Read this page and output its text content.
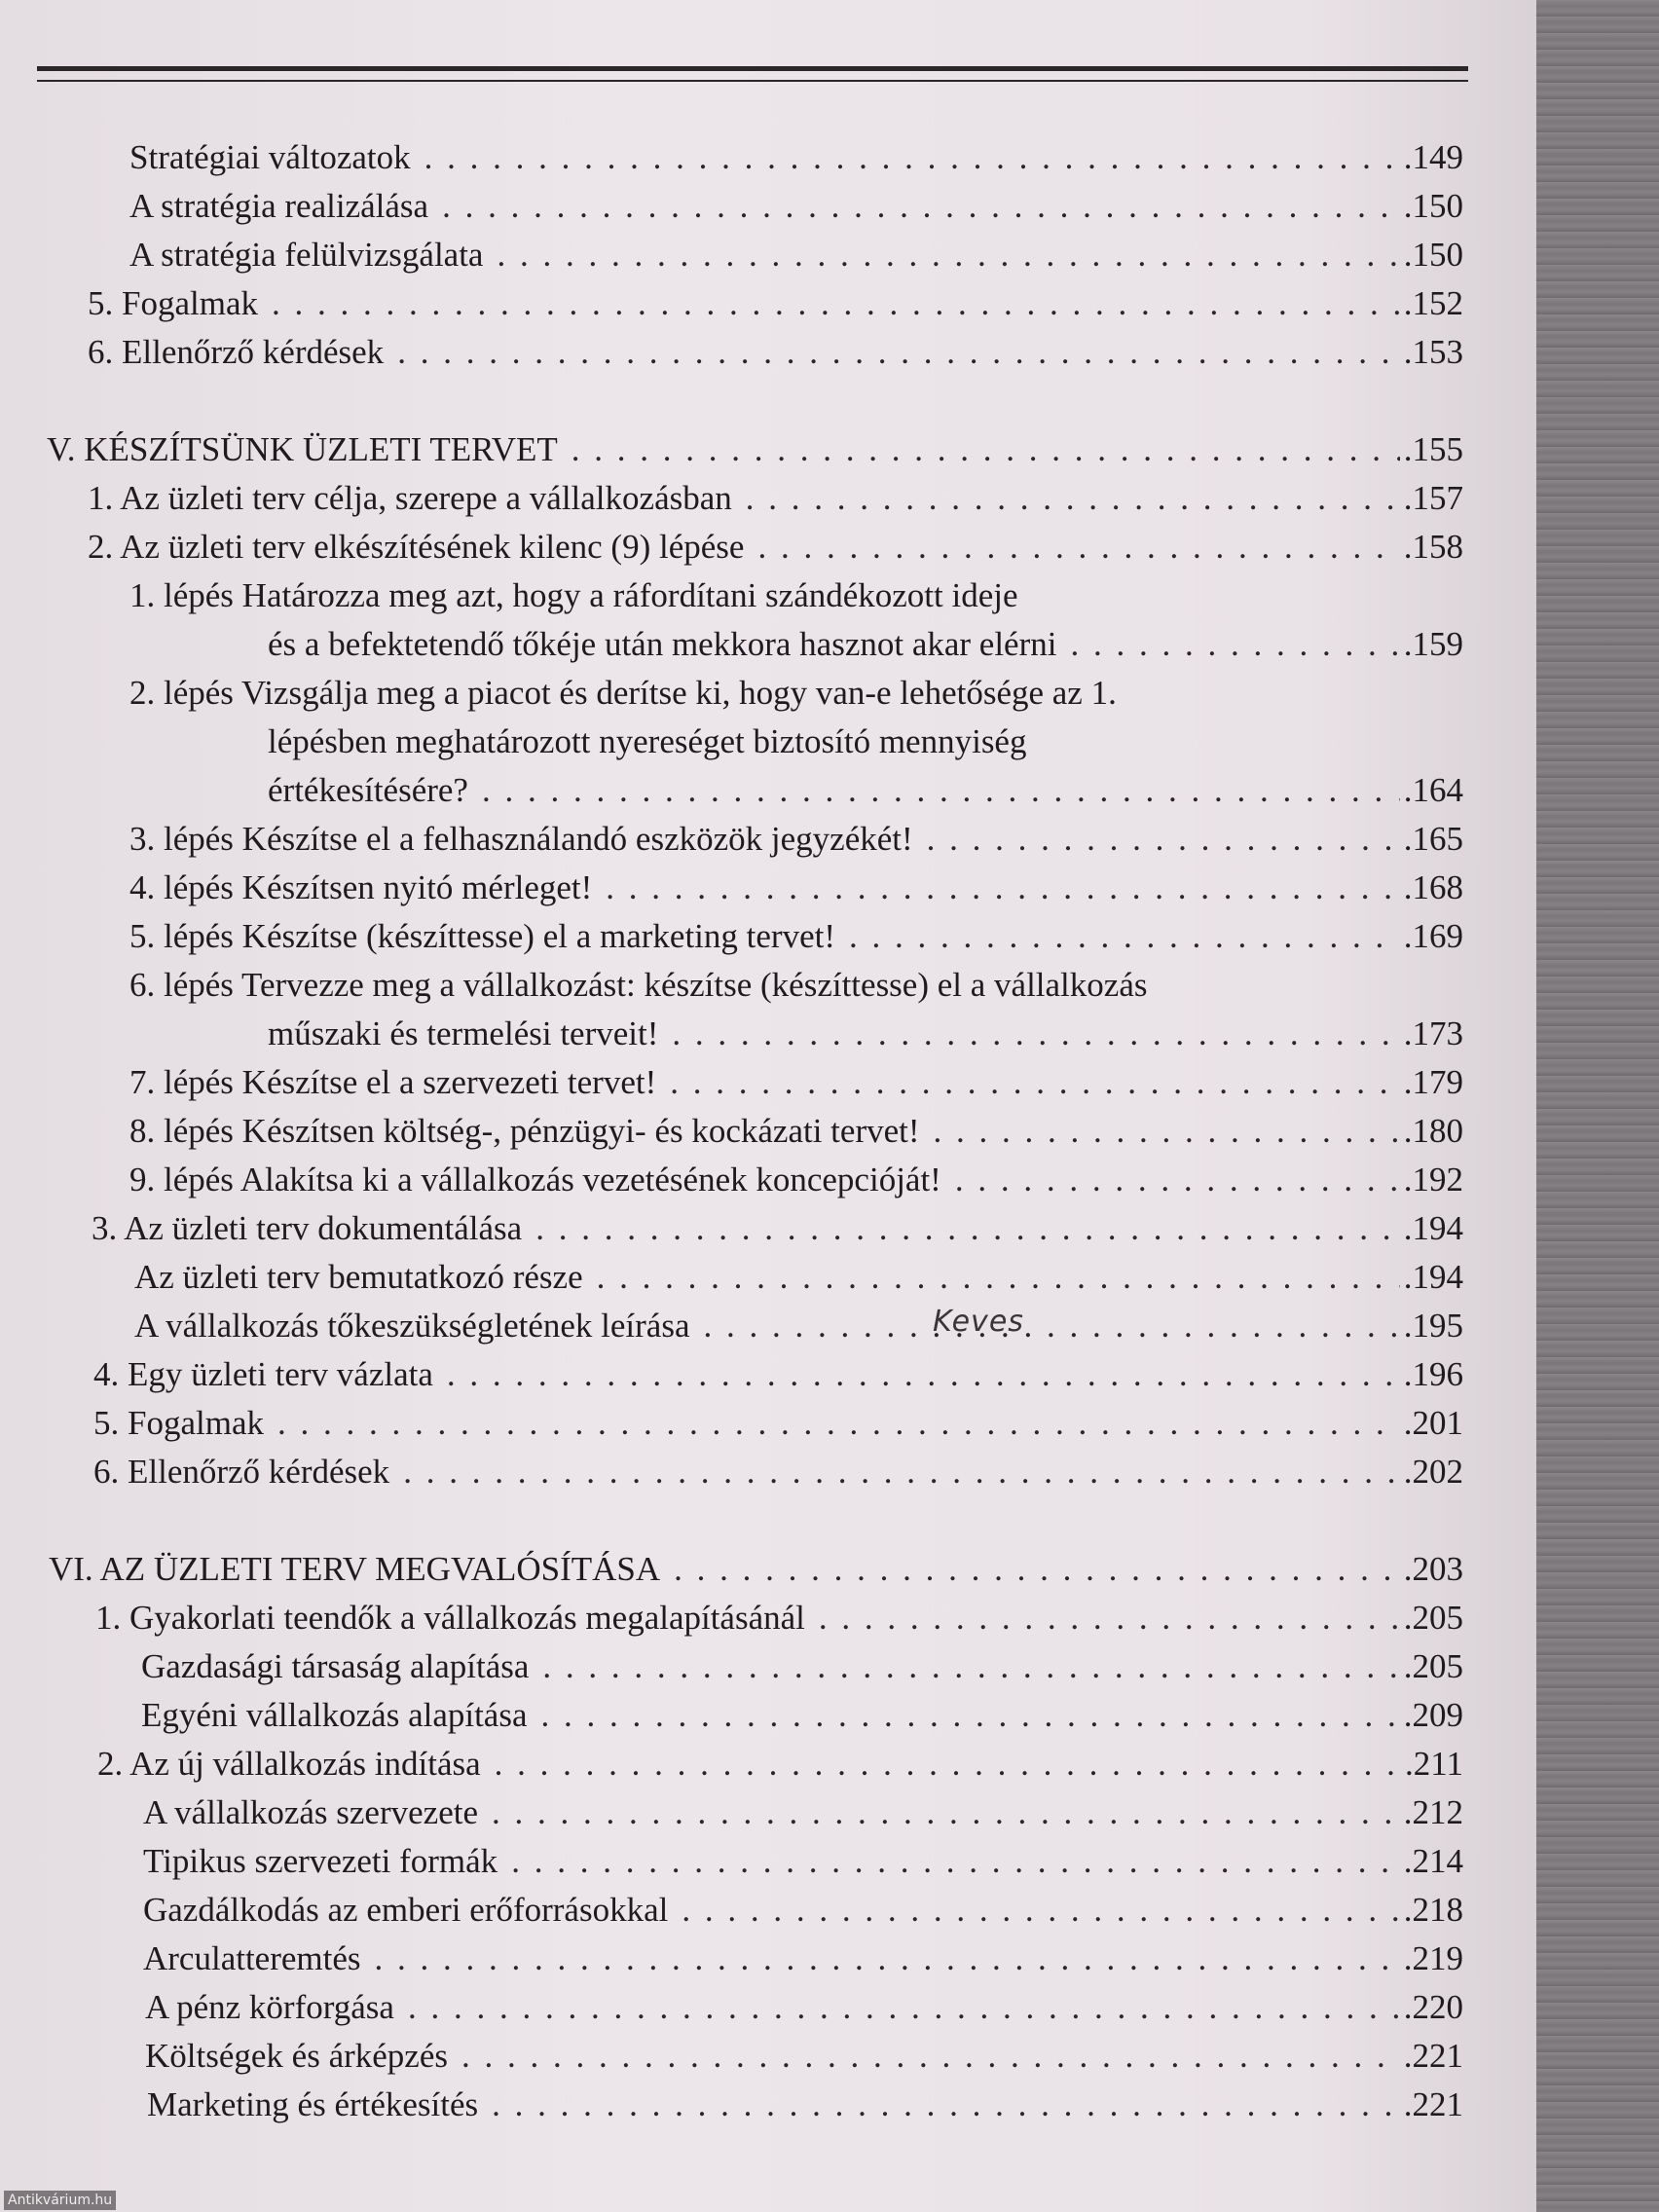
Stratégiai változatok . . .	.149
A stratégia realizálása . . .	.150
A stratégia felülvizsgálata . . .	.150
5. Fogalmak . . .	.152
6. Ellenőrző kérdések . . .	.153
V. KÉSZÍTSÜNK ÜZLETI TERVET . . .	.155
1. Az üzleti terv célja, szerepe a vállalkozásban . . .	.157
2. Az üzleti terv elkészítésének kilenc (9) lépése . . .	.158
1. lépés Határozza meg azt, hogy a ráfordítani szándékozott ideje
és a befektetendő tőkéje után mekkora hasznot akar elérni . . .	.159
2. lépés Vizsgálja meg a piacot és derítse ki, hogy van-e lehetősége az 1.
lépésben meghatározott nyereséget biztosító mennyiség
értékesítésére? . . .	.164
3. lépés Készítse el a felhasználandó eszközök jegyzékét! . . .	.165
4. lépés Készítsen nyitó mérleget! . . .	.168
5. lépés Készítse (készíttesse) el a marketing tervet! . . .	.169
6. lépés Tervezze meg a vállalkozást: készítse (készíttesse) el a vállalkozás
műszaki és termelési terveit! . . .	.173
7. lépés Készítse el a szervezeti tervet! . . .	.179
8. lépés Készítsen költség-, pénzügyi- és kockázati tervet! . . .	.180
9. lépés Alakítsa ki a vállalkozás vezetésének koncepcióját! . . .	.192
3. Az üzleti terv dokumentálása . . .	.194
Az üzleti terv bemutatkozó része . . .	.194
A vállalkozás tőkeszükségletének leírása . . .	.195
4. Egy üzleti terv vázlata . . .	.196
5. Fogalmak . . .	.201
6. Ellenőrző kérdések . . .	.202
VI. AZ ÜZLETI TERV MEGVALÓSÍTÁSA . . .	.203
1. Gyakorlati teendők a vállalkozás megalapításánál . . .	.205
Gazdasági társaság alapítása . . .	.205
Egyéni vállalkozás alapítása . . .	.209
2. Az új vállalkozás indítása . . .	.211
A vállalkozás szervezete . . .	.212
Tipikus szervezeti formák . . .	.214
Gazdálkodás az emberi erőforrásokkal . . .	.218
Arculatteremtés . . .	.219
A pénz körforgása . . .	.220
Költségek és árképzés . . .	.221
Marketing és értékesítés . . .	.221
Keves
Antikvárium.hu
